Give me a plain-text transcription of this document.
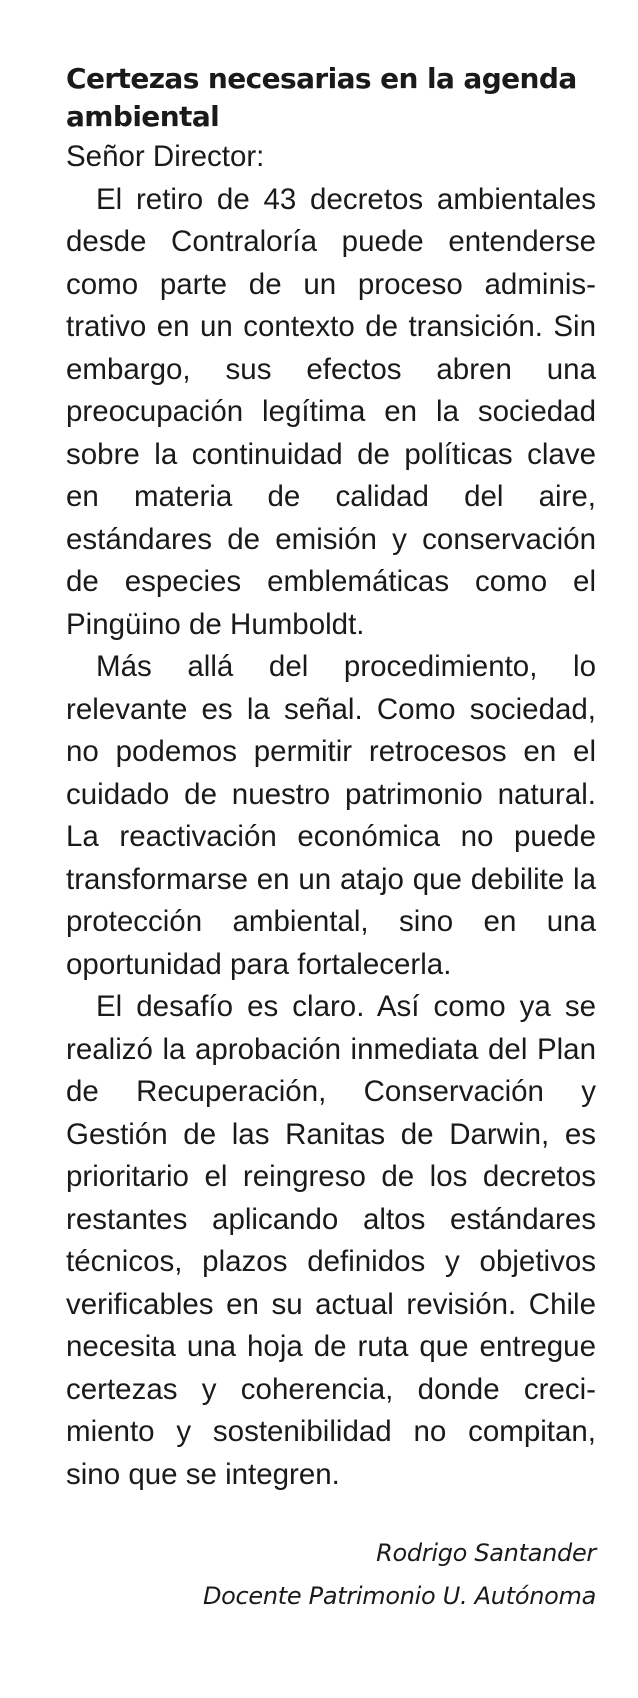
Certezas necesarias en la agenda ambiental

Señor Director:

El retiro de 43 decretos ambientales desde Contraloría puede entenderse como parte de un proceso administrativo en un contexto de transición. Sin embargo, sus efectos abren una preocupación legítima en la sociedad sobre la continuidad de políticas clave en materia de calidad del aire, estándares de emisión y conservación de especies emblemáticas como el Pingüino de Humboldt.

Más allá del procedimiento, lo relevante es la señal. Como sociedad, no podemos permitir retrocesos en el cuidado de nuestro patrimonio natural. La reactivación económica no puede transformarse en un atajo que debilite la protección ambiental, sino en una oportunidad para fortalecerla.

El desafío es claro. Así como ya se realizó la aprobación inmediata del Plan de Recuperación, Conservación y Gestión de las Ranitas de Darwin, es prioritario el reingreso de los decretos restantes aplicando altos estándares técnicos, plazos definidos y objetivos verificables en su actual revisión. Chile necesita una hoja de ruta que entregue certezas y coherencia, donde crecimiento y sostenibilidad no compitan, sino que se integren.

Rodrigo Santander
Docente Patrimonio U. Autónoma
